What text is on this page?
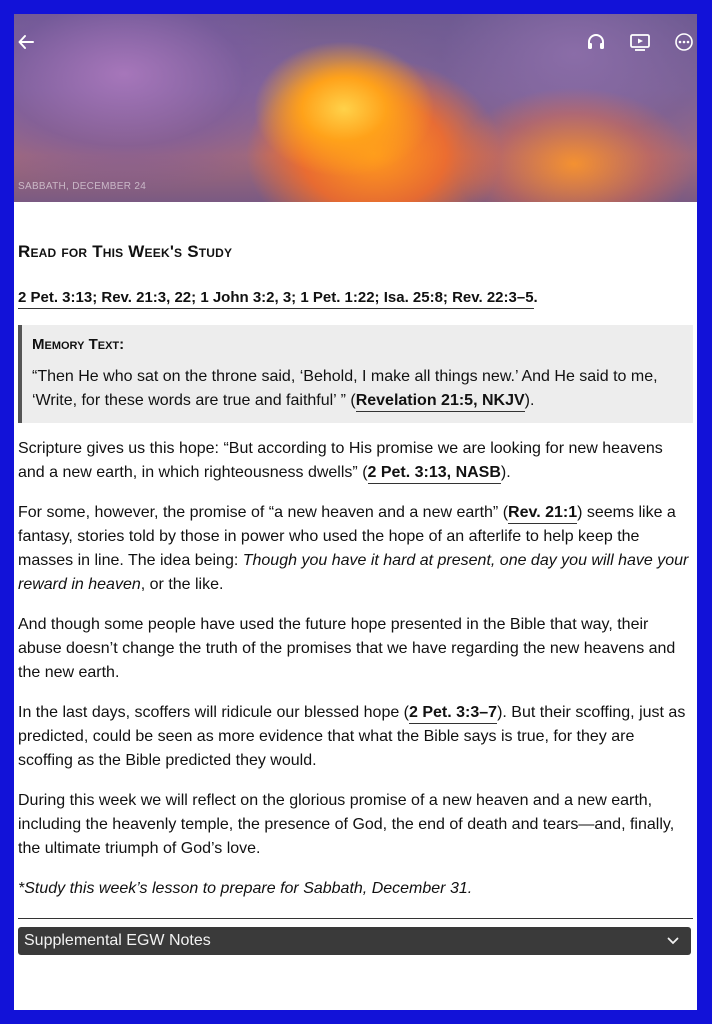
SABBATH, DECEMBER 24
Read for This Week's Study
2 Pet. 3:13; Rev. 21:3, 22; 1 John 3:2, 3; 1 Pet. 1:22; Isa. 25:8; Rev. 22:3–5.
Memory Text:

“Then He who sat on the throne said, ‘Behold, I make all things new.’ And He said to me, ‘Write, for these words are true and faithful’ ” (Revelation 21:5, NKJV).

Scripture gives us this hope: “But according to His promise we are looking for new heavens and a new earth, in which righteousness dwells” (2 Pet. 3:13, NASB).

For some, however, the promise of “a new heaven and a new earth” (Rev. 21:1) seems like a fantasy, stories told by those in power who used the hope of an afterlife to help keep the masses in line. The idea being: Though you have it hard at present, one day you will have your reward in heaven, or the like.

And though some people have used the future hope presented in the Bible that way, their abuse doesn’t change the truth of the promises that we have regarding the new heavens and the new earth.

In the last days, scoffers will ridicule our blessed hope (2 Pet. 3:3–7). But their scoffing, just as predicted, could be seen as more evidence that what the Bible says is true, for they are scoffing as the Bible predicted they would.

During this week we will reflect on the glorious promise of a new heaven and a new earth, including the heavenly temple, the presence of God, the end of death and tears—and, finally, the ultimate triumph of God’s love.

*Study this week’s lesson to prepare for Sabbath, December 31.

Supplemental EGW Notes
